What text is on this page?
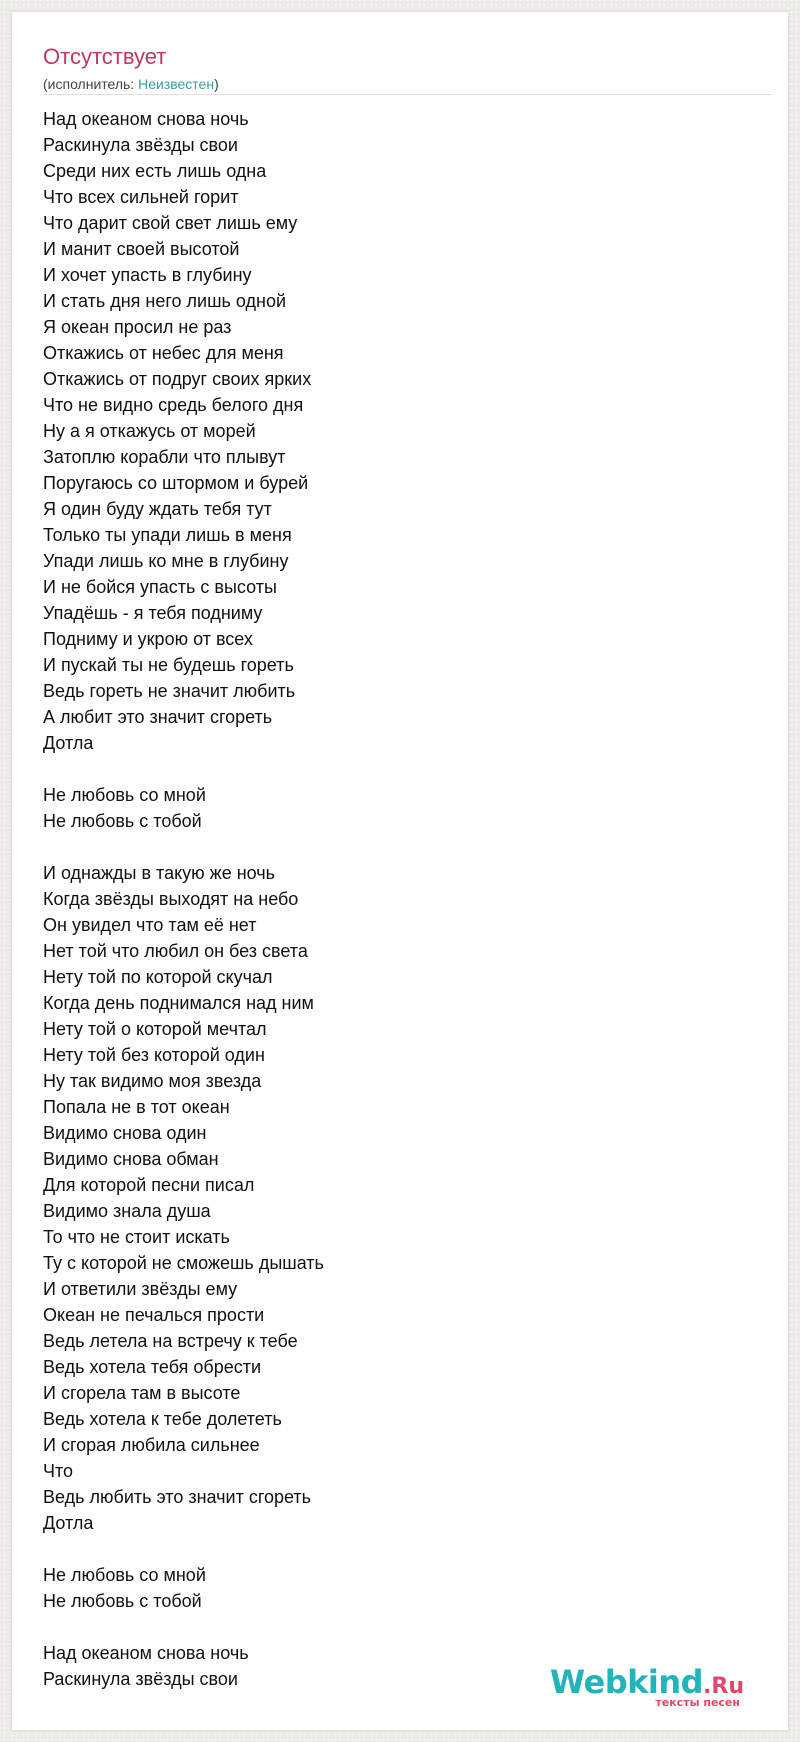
Отсутствует
(исполнитель: Неизвестен)
Над океаном снова ночь
Раскинула звёзды свои
Среди них есть лишь одна
Что всех сильней горит
Что дарит свой свет лишь ему
И манит своей высотой
И хочет упасть в глубину
И стать дня него лишь одной
Я океан просил не раз
Откажись от небес для меня
Откажись от подруг своих ярких
Что не видно средь белого дня
Ну а я откажусь от морей
Затоплю корабли что плывут
Поругаюсь со штормом и бурей
Я один буду ждать тебя тут
Только ты упади лишь в меня
Упади лишь ко мне в глубину
И не бойся упасть с высоты
Упадёшь - я тебя подниму
Подниму и укрою от всех
И пускай ты не будешь гореть
Ведь гореть не значит любить
А любит это значит сгореть
Дотла
Не любовь со мной
Не любовь с тобой
И однажды в такую же ночь
Когда звёзды выходят на небо
Он увидел что там её нет
Нет той что любил он без света
Нету той по которой скучал
Когда день поднимался над ним
Нету той о которой мечтал
Нету той без которой один
Ну так видимо моя звезда
Попала не в тот океан
Видимо снова один
Видимо снова обман
Для которой песни писал
Видимо знала душа
То что не стоит искать
Ту с которой не сможешь дышать
И ответили звёзды ему
Океан не печалься прости
Ведь летела на встречу к тебе
Ведь хотела тебя обрести
И сгорела там в высоте
Ведь хотела к тебе долететь
И сгорая любила сильнее
Что
Ведь любить это значит сгореть
Дотла
Не любовь со мной
Не любовь с тобой
Над океаном снова ночь
Раскинула звёзды свои	Webkind.Ru
тексты песен
